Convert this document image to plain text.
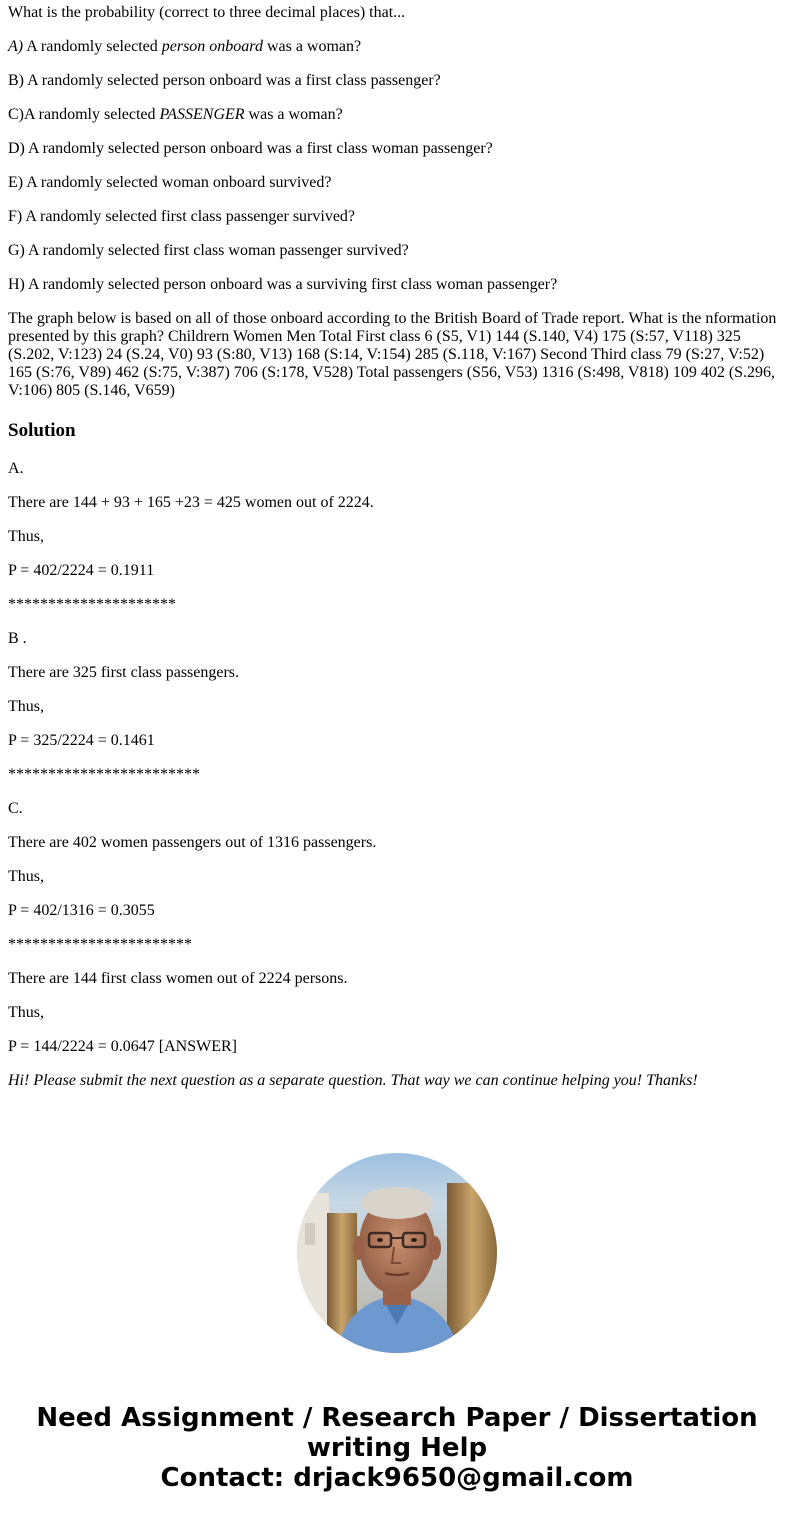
What is the probability (correct to three decimal places) that...

A) A randomly selected person onboard was a woman?

B) A randomly selected person onboard was a first class passenger?

C)A randomly selected PASSENGER was a woman?

D) A randomly selected person onboard was a first class woman passenger?

E) A randomly selected woman onboard survived?

F) A randomly selected first class passenger survived?

G) A randomly selected first class woman passenger survived?

H) A randomly selected person onboard was a surviving first class woman passenger?

The graph below is based on all of those onboard according to the British Board of Trade report. What is the nformation presented by this graph? Childrern Women Men Total First class 6 (S5, V1) 144 (S.140, V4) 175 (S:57, V118) 325 (S.202, V:123) 24 (S.24, V0) 93 (S:80, V13) 168 (S:14, V:154) 285 (S.118, V:167) Second Third class 79 (S:27, V:52) 165 (S:76, V89) 462 (S:75, V:387) 706 (S:178, V528) Total passengers (S56, V53) 1316 (S:498, V818) 109 402 (S.296, V:106) 805 (S.146, V659)

Solution

A.

There are 144 + 93 + 165 +23 = 425 women out of 2224.

Thus,

P = 402/2224 = 0.1911

*********************

B .

There are 325 first class passengers.

Thus,

P = 325/2224 = 0.1461

************************

C.

There are 402 women passengers out of 1316 passengers.

Thus,

P = 402/1316 = 0.3055

***********************

There are 144 first class women out of 2224 persons.

Thus,

P = 144/2224 = 0.0647 [ANSWER]

Hi! Please submit the next question as a separate question. That way we can continue helping you! Thanks!

Need Assignment / Research Paper / Dissertation
writing Help
Contact: drjack9650@gmail.com
